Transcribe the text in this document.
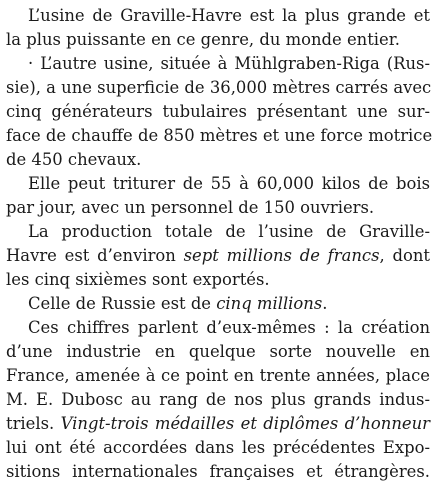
L’usine de Graville-Havre est la plus grande et
la plus puissante en ce genre, du monde entier.
· L’autre usine, située à Mühlgraben-Riga (Rus-
sie), a une superficie de 36,000 mètres carrés avec
cinq générateurs tubulaires présentant une sur-
face de chauffe de 850 mètres et une force motrice
de 450 chevaux.
Elle peut triturer de 55 à 60,000 kilos de bois
par jour, avec un personnel de 150 ouvriers.
La production totale de l’usine de Graville-
Havre est d’environ sept millions de francs, dont
les cinq sixièmes sont exportés.
Celle de Russie est de cinq millions.
Ces chiffres parlent d’eux-mêmes : la création
d’une industrie en quelque sorte nouvelle en
France, amenée à ce point en trente années, place
M. E. Dubosc au rang de nos plus grands indus-
triels. Vingt-trois médailles et diplômes d’honneur
lui ont été accordées dans les précédentes Expo-
sitions internationales françaises et étrangères.
